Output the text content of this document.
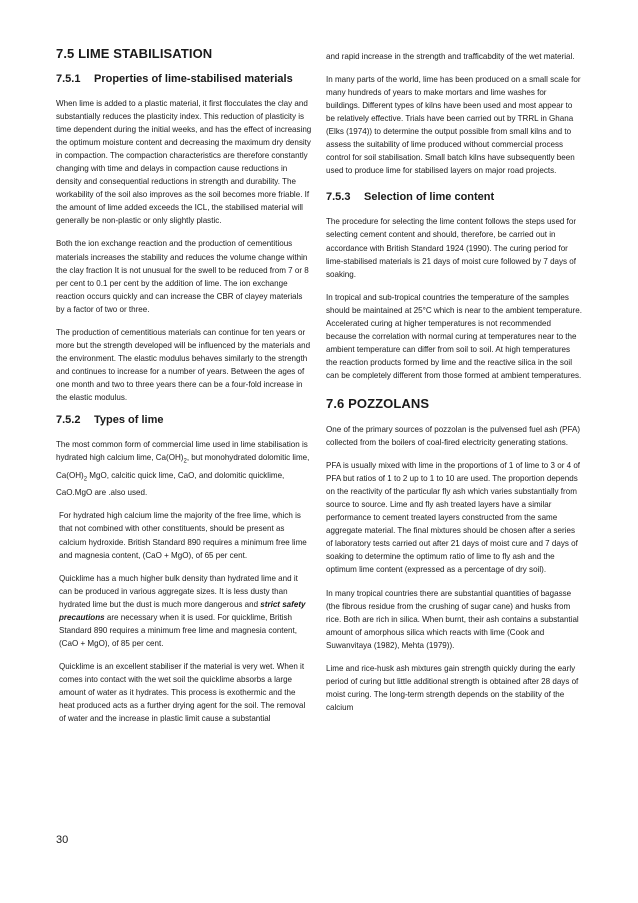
7.5 LIME STABILISATION
7.5.1 Properties of lime-stabilised materials

When lime is added to a plastic material, it first flocculates the clay and substantially reduces the plasticity index. This reduction of plasticity is time dependent during the initial weeks, and has the effect of increasing the optimum moisture content and decreasing the maximum dry density in compaction. The compaction characteristics are therefore constantly changing with time and delays in compaction cause reductions in density and consequential reductions in strength and durability. The workability of the soil also improves as the soil becomes more friable. If the amount of lime added exceeds the ICL, the stabilised material will generally be non-plastic or only slightly plastic.

Both the ion exchange reaction and the production of cementitious materials increases the stability and reduces the volume change within the clay fraction It is not unusual for the swell to be reduced from 7 or 8 per cent to 0.1 per cent by the addition of lime. The ion exchange reaction occurs quickly and can increase the CBR of clayey materials by a factor of two or three.

The production of cementitious materials can continue for ten years or more but the strength developed will be influenced by the materials and the environment. The elastic modulus behaves similarly to the strength and continues to increase for a number of years. Between the ages of one month and two to three years there can be a four-fold increase in the elastic modulus.

7.5.2 Types of lime

The most common form of commercial lime used in lime stabilisation is hydrated high calcium lime, $Ca(OH)_2$, but monohydrated dolomitic lime, $Ca(OH)_2$ MgO, calcitic quick lime, CaO, and dolomitic quicklime, CaO.MgO are .also used.

For hydrated high calcium lime the majority of the free lime, which is that not combined with other constituents, should be present as calcium hydroxide. British Standard 890 requires a minimum free lime and magnesia content, (CaO + MgO), of 65 per cent.

Quicklime has a much higher bulk density than hydrated lime and it can be produced in various aggregate sizes. It is less dusty than hydrated lime but the dust is much more dangerous and strict safety precautions are necessary when it is used. For quicklime, British Standard 890 requires a minimum free lime and magnesia content, (CaO + MgO), of 85 per cent.

Quicklime is an excellent stabiliser if the material is very wet. When it comes into contact with the wet soil the quicklime absorbs a large amount of water as it hydrates. This process is exothermic and the heat produced acts as a further drying agent for the soil. The removal of water and the increase in plastic limit cause a substantial

and rapid increase in the strength and trafficabdity of the wet material.

In many parts of the world, lime has been produced on a small scale for many hundreds of years to make mortars and lime washes for buildings. Different types of kilns have been used and most appear to be relatively effective. Trials have been carried out by TRRL in Ghana (Elks (1974)) to determine the output possible from small kilns and to assess the suitability of lime produced without commercial process control for soil stabilisation. Small batch kilns have subsequently been used to produce lime for stabilised layers on major road projects.

7.5.3 Selection of lime content

The procedure for selecting the lime content follows the steps used for selecting cement content and should, therefore, be carried out in accordance with British Standard 1924 (1990). The curing period for lime-stabilised materials is 21 days of moist cure followed by 7 days of soaking.

In tropical and sub-tropical countries the temperature of the samples should be maintained at 25°C which is near to the ambient temperature. Accelerated curing at higher temperatures is not recommended because the correlation with normal curing at temperatures near to the ambient temperature can differ from soil to soil. At high temperatures the reaction products formed by lime and the reactive silica in the soil can be completely different from those formed at ambient temperatures.

7.6 POZZOLANS

One of the primary sources of pozzolan is the pulvensed fuel ash (PFA) collected from the boilers of coal-fired electricity generating stations.

PFA is usually mixed with lime in the proportions of 1 of lime to 3 or 4 of PFA but ratios of 1 to 2 up to 1 to 10 are used. The proportion depends on the reactivity of the particular fly ash which varies substantially from source to source. Lime and fly ash treated layers have a similar performance to cement treated layers constructed from the same aggregate material. The final mixtures should be chosen after a series of laboratory tests carried out after 21 days of moist cure and 7 days of soaking to determine the optimum ratio of lime to fly ash and the optimum lime content (expressed as a percentage of dry soil).

In many tropical countries there are substantial quantities of bagasse (the fibrous residue from the crushing of sugar cane) and husks from rice. Both are rich in silica. When burnt, their ash contains a substantial amount of amorphous silica which reacts with lime (Cook and Suwanvitaya (1982), Mehta (1979)).

Lime and rice-husk ash mixtures gain strength quickly during the early period of curing but little additional strength is obtained after 28 days of moist curing. The long-term strength depends on the stability of the calcium

30
